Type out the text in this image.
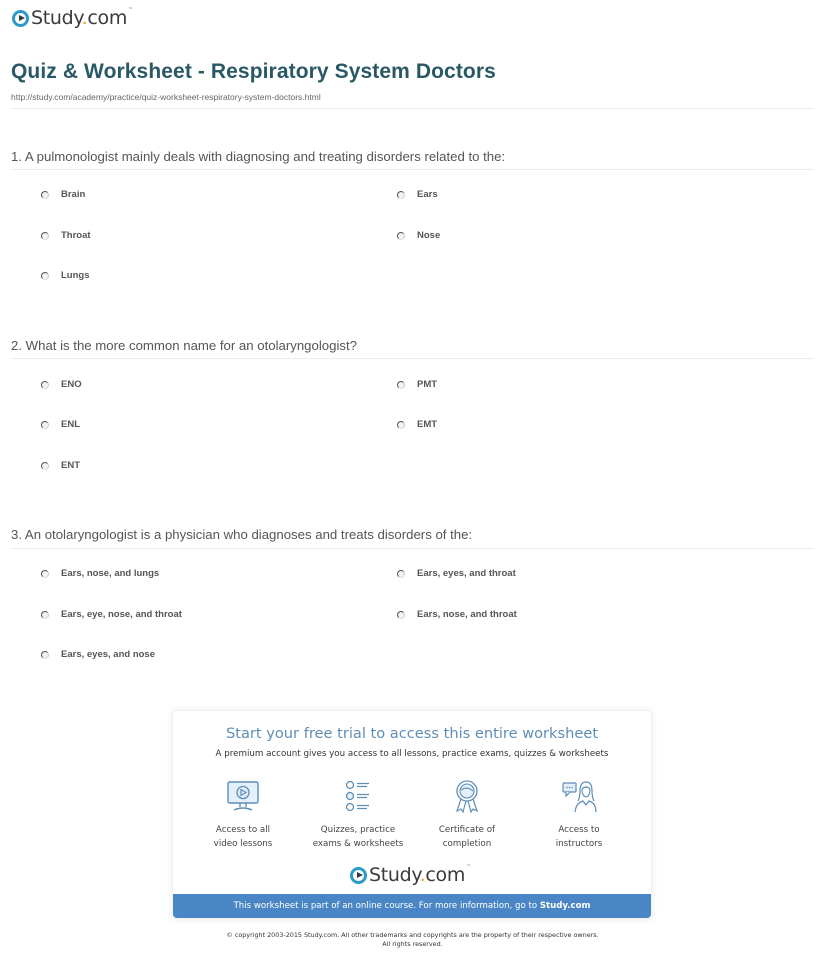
Study.com™
Quiz & Worksheet - Respiratory System Doctors
http://study.com/academy/practice/quiz-worksheet-respiratory-system-doctors.html
1. A pulmonologist mainly deals with diagnosing and treating disorders related to the:
Brain	Ears
Throat	Nose
Lungs
2. What is the more common name for an otolaryngologist?
ENO	PMT
ENL	EMT
ENT
3. An otolaryngologist is a physician who diagnoses and treats disorders of the:
Ears, nose, and lungs	Ears, eyes, and throat
Ears, eye, nose, and throat	Ears, nose, and throat
Ears, eyes, and nose
Start your free trial to access this entire worksheet
A premium account gives you access to all lessons, practice exams, quizzes & worksheets
Access to all
video lessons
Quizzes, practice
exams & worksheets
Certificate of
completion
Access to
instructors
Study.com™
This worksheet is part of an online course. For more information, go to Study.com
© copyright 2003-2015 Study.com. All other trademarks and copyrights are the property of their respective owners.
All rights reserved.
